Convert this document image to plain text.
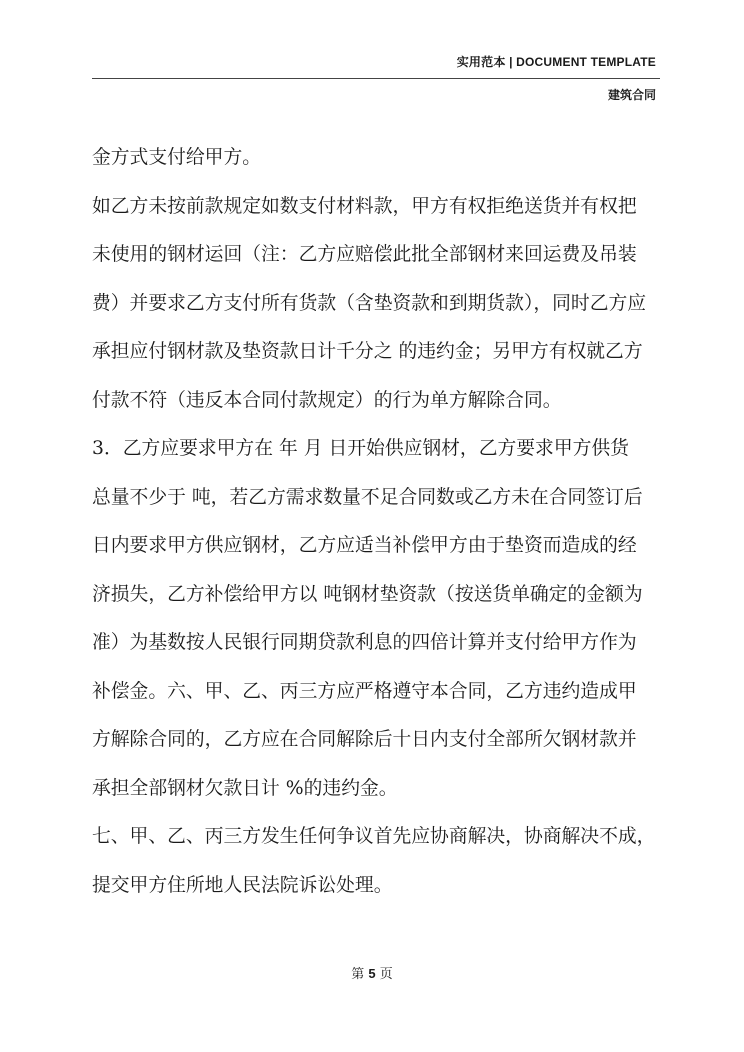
实用范本 | DOCUMENT TEMPLATE
建筑合同
金方式支付给甲方。
如乙方未按前款规定如数支付材料款，甲方有权拒绝送货并有权把
未使用的钢材运回（注：乙方应赔偿此批全部钢材来回运费及吊装
费）并要求乙方支付所有货款（含垫资款和到期货款），同时乙方应
承担应付钢材款及垫资款日计千分之 的违约金；另甲方有权就乙方
付款不符（违反本合同付款规定）的行为单方解除合同。
3．乙方应要求甲方在 年 月 日开始供应钢材，乙方要求甲方供货
总量不少于 吨，若乙方需求数量不足合同数或乙方未在合同签订后
日内要求甲方供应钢材，乙方应适当补偿甲方由于垫资而造成的经
济损失，乙方补偿给甲方以 吨钢材垫资款（按送货单确定的金额为
准）为基数按人民银行同期贷款利息的四倍计算并支付给甲方作为
补偿金。六、甲、乙、丙三方应严格遵守本合同，乙方违约造成甲
方解除合同的，乙方应在合同解除后十日内支付全部所欠钢材款并
承担全部钢材欠款日计 %的违约金。
七、甲、乙、丙三方发生任何争议首先应协商解决，协商解决不成，
提交甲方住所地人民法院诉讼处理。
第 5 页
